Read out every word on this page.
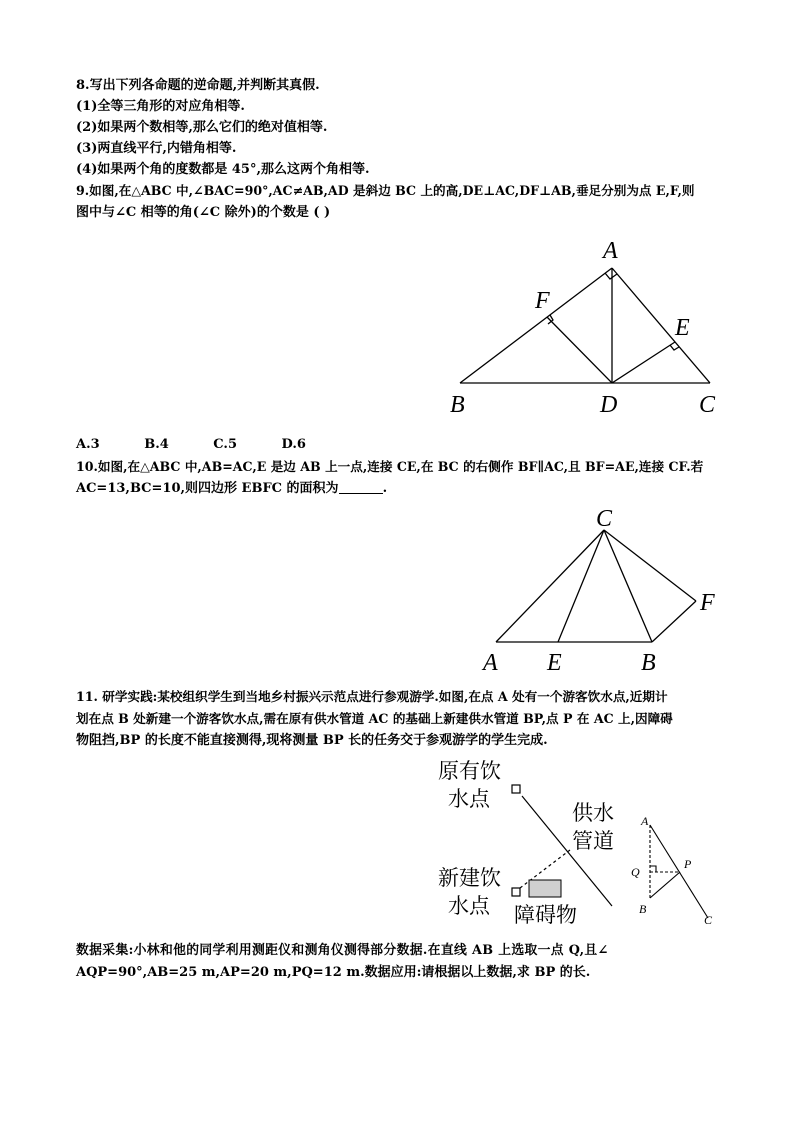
8.写出下列各命题的逆命题,并判断其真假.
(1)全等三角形的对应角相等.
(2)如果两个数相等,那么它们的绝对值相等.
(3)两直线平行,内错角相等.
(4)如果两个角的度数都是 45°,那么这两个角相等.
9.如图,在△ABC 中,∠BAC=90°,AC≠AB,AD 是斜边 BC 上的高,DE⊥AC,DF⊥AB,垂足分别为点 E,F,则
图中与∠C 相等的角(∠C 除外)的个数是 ( )
A
B	C
D
E
F
A.3	B.4	C.5	D.6
10.如图,在△ABC 中,AB=AC,E 是边 AB 上一点,连接 CE,在 BC 的右侧作 BF∥AC,且 BF=AE,连接 CF.若
AC=13,BC=10,则四边形 EBFC 的面积为	.
C
A E	B
F
11. 研学实践:某校组织学生到当地乡村振兴示范点进行参观游学.如图,在点 A 处有一个游客饮水点,近期计
划在点 B 处新建一个游客饮水点,需在原有供水管道 AC 的基础上新建供水管道 BP,点 P 在 AC 上,因障碍
物阻挡,BP 的长度不能直接测得,现将测量 BP 长的任务交于参观游学的学生完成.
原有饮
水点
供水
管道
新建饮
水点 障碍物
A
Q
P
B
C
数据采集:小林和他的同学利用测距仪和测角仪测得部分数据.在直线 AB 上选取一点 Q,且∠
AQP=90°,AB=25 m,AP=20 m,PQ=12 m.数据应用:请根据以上数据,求 BP 的长.
